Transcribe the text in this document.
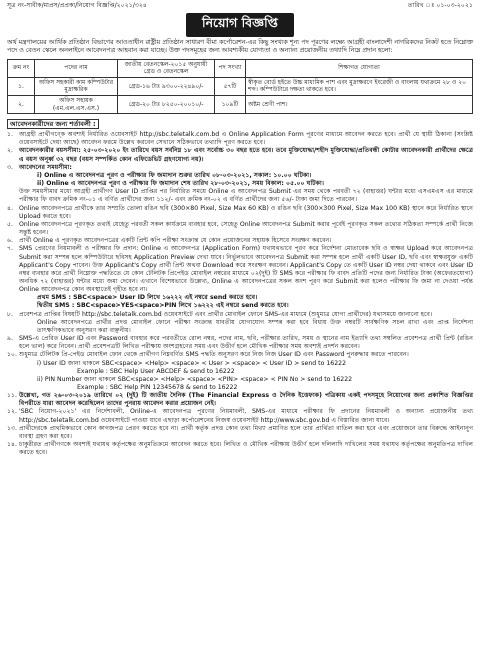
সূত্র নং-সাবীক/মাপ্রস/প্রপ্রকা/নিয়োগ বিজ্ঞপ্তি/২০২১/৩২৪	তারিখ ঃ ০১-০৩-২০২১
নিয়োগ বিজ্ঞপ্তি

অর্থ মন্ত্রণালয়ের আর্থিক প্রতিষ্ঠান বিভাগের আওতাধীন রাষ্ট্রীয় প্রতিষ্ঠান সাধারণ বীমা কর্পোরেশন-এর কিছু সংখ্যক শূন্য পদ পূরণের লক্ষ্যে আগ্রহী বাংলাদেশী নাগরিকদের নিকট হতে নিম্নোক্ত পদে ও বেতন স্কেলে অনলাইনে আবেদনপত্র আহবান করা যাচ্ছে। উক্ত পদসমূহের জন্য আবশ্যকীয় যোগ্যতা ও অন্যান্য প্রয়োজনীয় তথ্যাদি নিম্নে প্রদান হলো:

ক্রম নং	পদের নাম	জাতীয় বেতনস্কেল-২০১৫ অনুযায়ী গ্রেড ও বেতনস্কেল	পদ সংখ্যা	শিক্ষাগত যোগ্যতা
১.	অফিস সহকারী কাম কম্পিউটার মুদ্রাক্ষরিক	গ্রেড-১৬ টাঃ ৯৩০০-২২৪৯০/-	৫৭টি	স্বীকৃত বোর্ড হইতে উচ্চ মাধ্যমিক পাশ এবং মুদ্রাক্ষরণে ইংরেজী ও বাংলায় যথাক্রমে ২৮ ও ২০ শব্দ। কম্পিউটারে দক্ষতা থাকতে হবে।
২.	অফিস সহায়ক (এম.এল.এস.এস.)	গ্রেড-২০ টাঃ ৮২৫০-২০০১০/-	১০৯টি	অষ্টম শ্রেণী পাশ।
আবেদনকারীদের জন্য শর্তাবলী :
১. আগ্রহী প্রার্থীগণ্কে অবশ্যই নির্ধারিত ওয়েবসাইট http://sbc.teletalk.com.bd এ Online Application Form পূরণের মাধ্যমে আবেদন করতে হবে। প্রার্থী যে স্থায়ী ঠিকানা (সংশ্লিষ্ট ওয়েবসাইটে দেয়া আছে) আবেদন ফরমে উল্লেখ করবেন সেখানে সঠিকভাবে তথ্যাদি পূরণ করতে হবে।
২. আবেদনকারীর বয়সসীমা: ২৫-০৩-২০২০ ইং তারিখে বয়স সর্বনিম্ন ১৮ এবং সর্বোচ্চ ৩০ বছর হতে হবে। তবে মুক্তিযোদ্ধা/শহীদ মুক্তিযোদ্ধা/প্রতিবন্ধী কোটার আবেদনকারী প্রার্থীদের ক্ষেত্রে এ বয়স অনূর্ধ্ব ৩২ বছর (বয়স সম্পর্কিত কোন এফিডেভিট গ্রহণযোগ্য নয়)।
৩. আবেদনের সময়সীমা:
i) Online এ আবেদনপত্র পূরণ ও পরীক্ষার ফি জমাদান শুরুর তারিখ ০৮-০৩-২০২১, সকাল: ১০.০০ ঘটিকা।
ii) Online এ আবেদনপত্র পূরণ ও পরীক্ষার ফি জমাদান শেষ তারিখ ২৮-০৩-২০২১, সময় বিকাল: ০৫.০০ ঘটিকা।
উক্ত সময়সীমার মধ্যে আগ্রহী প্রার্থীগণ User ID প্রাপ্তির পর নির্ধারিত সময়ে Online এ আবেদনপত্র Submit এর সময় থেকে পরবর্তী ৭২ (বাহাত্তর) ঘন্টার মধ্যে এসএমএস এর মাধ্যমে পরীক্ষার ফি বাবদ ক্রমিক নং-০১ এ বর্ণিত প্রার্থীদের জন্য ১১২/- এবং ক্রমিক নং-০২ এ বর্ণিত প্রার্থীদের জন্য ৫৬/- টাকা জমা দিতে পারবেন।
৪. Online আবেদনপত্রে প্রার্থীকে তার সম্প্রতি তোলা রঙিন ছবি (300×80 Pixel, Size Max 60 KB) ও রঙিন ছবি (300×300 Pixel, Size Max 100 KB) স্থানে করে নির্ধারিত স্থানে Upload করতে হবে।
৫. Online আবেদনপত্রে পূরণকৃত তথ্যই যেহেতু পরবর্তী সকল কার্যক্রমে ব্যবহার হবে, সেহেতু Online আবেদনপত্র Submit করার পূর্বেই পূরণকৃত সকল তথ্যের সঠিকতা সম্পর্কে প্রার্থী নিজে সন্তুষ্ট হবেন।
৬. প্রার্থী Online এ পূরণকৃত আবেদনপত্রের একটি প্রিন্ট কপি পরীক্ষা সংক্রান্ত যে কোন প্রয়োজনের সহায়ক হিসেবে সংরক্ষণ করবেন।
৭. SMS প্রেরণের নিয়মাবলী ও পরীক্ষার ফি প্রদান: Online এ আবেদনপত্র (Application Form) যথাযথভাবে পূরণ করে নির্দেশনা মোতাবেক ছবি ও স্বাক্ষর Upload করে আবেদনপত্র Submit করা সম্পন্ন হলে কম্পিউটারে ছবিসহ Application Preview দেখা যাবে। নির্ভুলভাবে আবেদনপত্র Submit করা সম্পন্ন হলে প্রার্থী একটি User ID, ছবি এবং স্বাক্ষরযুক্ত একটি Applicant's Copy পাবেন। উক্ত Applicant's Copy প্রার্থী প্রিন্ট অথবা Download করে সংরক্ষণ করবেন। Applicant's Copy তে একটি User ID নম্বর দেয়া থাকবে এবং User ID নম্বর ব্যবহার করে প্রার্থী নিম্নোক্ত পদ্ধতিতে যে কোন টেলিটক প্রিপেইড মোবাইল নম্বরের মাধ্যমে ০২(দুই) টি SMS করে পরীক্ষার ফি বাবদ প্রতিটি পদের জন্য নির্ধারিত টাকা (অফেরতযোগ্য) অনধিক ৭২ (বাহাত্তর) ঘন্টার মধ্যে জমা দেবেন। এখানে বিশেষভাবে উল্লেখ্য, Online এ আবেদনপত্রের সকল অংশ পূরণ করে Submit করা হলেও পরীক্ষার ফি জমা না দেওয়া পর্যন্ত Online আবেদনপত্র কোন অবস্থাতেই গৃহীত হবে না।
প্রথম SMS : SBC<space> User ID লিখে ১৬২২২ এই নম্বরে send করতে হবে।
দ্বিতীয় SMS : SBC<space>YES<space>PIN লিখে ১৬২২২ এই নম্বরে send করতে হবে।
৮. প্রবেশপত্র প্রাপ্তির বিষয়টি http://sbc.teletalk.com.bd ওয়েবসাইটে এবং প্রার্থীর মোবাইল ফোনে SMS-এর মাধ্যমে (শুধুমাত্র যোগ্য প্রার্থীদের) যথাসময়ে জানানো হবে।
Online আবেদনপত্রে প্রার্থীর প্রদত্ত মোবাইল ফোনে পরীক্ষা সংক্রান্ত যাবতীয় যোগাযোগ সম্পন্ন করা হবে বিধায় উক্ত নম্বরটি সার্বক্ষণিক সচল রাখা এবং প্রাপ্ত নির্দেশনা তাৎক্ষণিকভাবে অনুসরণ করা বাঞ্ছনীয়।
৯. SMS-এ প্রেরিত User ID এবং Password ব্যবহার করে পরবর্তীতে রোল নম্বর, পদের নাম, ছবি, পরীক্ষার তারিখ, সময় ও স্থানের নাম ইত্যাদি তথ্য সম্বলিত প্রবেশপত্র প্রার্থী প্রিন্ট (রঙিন হলে ভাল) করে নিবেন। প্রার্থী প্রবেশপত্রটি লিখিত পরীক্ষায় অংশগ্রহণের সময় এবং উত্তীর্ণ হলে মৌখিক পরীক্ষার সময় অবশ্যই প্রদর্শন করবেন।
১০. শুধুমাত্র টেলিটক প্রি-পেইড মোবাইল ফোন থেকে প্রার্থীগণ নিম্নবর্ণিত SMS পদ্ধতি অনুসরণ করে নিজ নিজ User ID এবং Password পুনরুদ্ধার করতে পারবেন।
i) User ID জানা থাকলে SBC<space> <Help> <space> < User > <space> < User ID > send to 16222
Example : SBC Help User ABCDEF & send to 16222
ii) PIN Number জানা থাকলে SBC<space> <Help> <space> <PIN> <space> < PIN No > send to 16222
Example : SBC Help PIN 12345678 & send to 16222
১১. উল্লেখ্য, গত ২৬-০৩-২০১৯ তারিখে ০২ (দুই) টি জাতীয় দৈনিক (The Financial Express ও দৈনিক ইত্তেফাক) পত্রিকায় একই পদসমূহে নিয়োগের জন্য প্রকাশিত বিজ্ঞপ্তির বিপরীতে যারা আবেদন করেছিলেন তাদের পুনরায় আবেদন করার প্রয়োজন নেই।
১২. 'SBC নিয়োগ-২০২১' এর নির্দেশাবলী, Online-এ আবেদনপত্র পূরণের নিয়মাবলী, SMS-এর মাধ্যমে পরীক্ষার ফি প্রদানের নিয়মাবলী ও অন্যান্য প্রয়োজনীয় তথ্য http://sbc.teletalk.com.bd ওয়েবসাইটে পাওয়া যাবে এছাড়া কর্পোরেশনের নিজস্ব ওয়েবসাইট http://www.sbc.gov.bd এ বিস্তারিত জানা যাবে।
১৩. প্রার্থীদেরকে প্রাথমিকভাবে কোন কাগজপত্র প্রেরণ করতে হবে না। প্রার্থী কর্তৃক প্রদত্ত কোন তথ্য মিথ্যা প্রমাণিত হলে তার প্রার্থিতা বাতিল করা হবে এবং প্রয়োজনে তার বিরুদ্ধে আইনানুগ ব্যবস্থা গ্রহণ করা হবে।
১৪. চাকুরীরত প্রার্থীগণকে অবশ্যই যথাযথ কর্তৃপক্ষের অনুমতিক্রমে আবেদন করতে হবে। লিখিত ও মৌখিক পরীক্ষায় উত্তীর্ণ হলে দলিলাদি দাখিলের সময় যথাযথ কর্তৃপক্ষের অনুমতিপত্র দাখিল করতে হবে।
